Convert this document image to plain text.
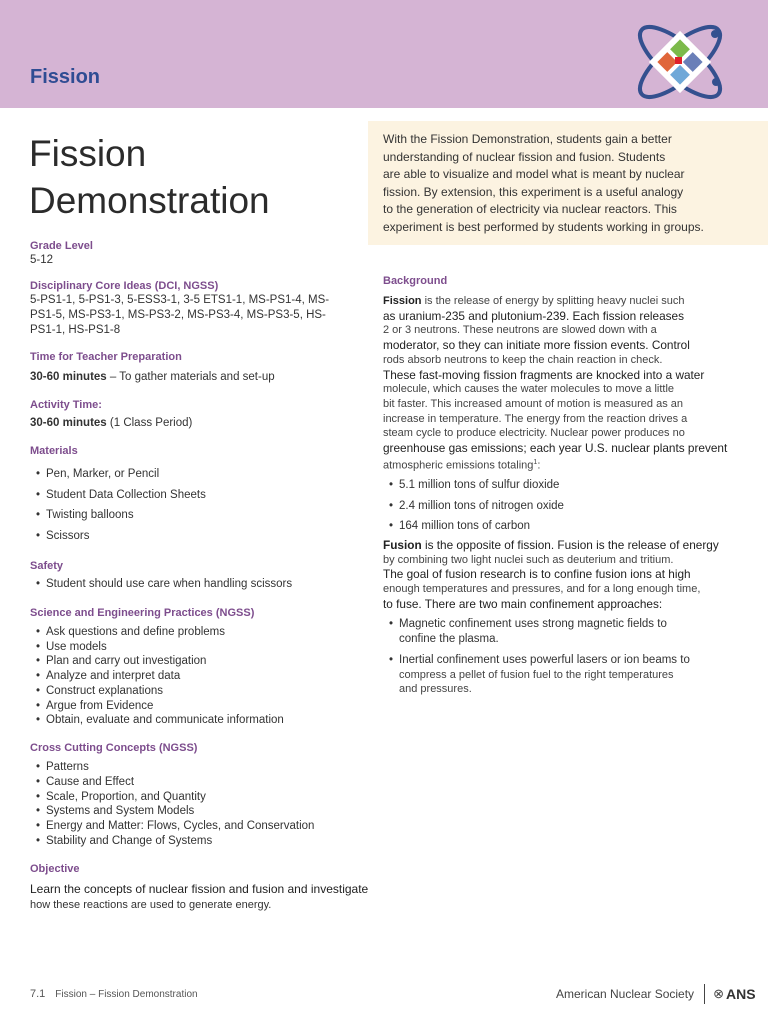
Fission
Fission
Demonstration
With the Fission Demonstration, students gain a better
understanding of nuclear fission and fusion. Students
are able to visualize and model what is meant by nuclear
fission. By extension, this experiment is a useful analogy
to the generation of electricity via nuclear reactors. This
experiment is best performed by students working in groups.
Grade Level
5-12
Disciplinary Core Ideas (DCI, NGSS)
5-PS1-1, 5-PS1-3, 5-ESS3-1, 3-5 ETS1-1, MS-PS1-4, MS-
PS1-5, MS-PS3-1, MS-PS3-2, MS-PS3-4, MS-PS3-5, HS-
PS1-1, HS-PS1-8
Time for Teacher Preparation
30-60 minutes – To gather materials and set-up
Activity Time:
30-60 minutes (1 Class Period)
Materials
• Pen, Marker, or Pencil
• Student Data Collection Sheets
• Twisting balloons
• Scissors
Safety
• Student should use care when handling scissors
Science and Engineering Practices (NGSS)
• Ask questions and define problems
• Use models
• Plan and carry out investigation
• Analyze and interpret data
• Construct explanations
• Argue from Evidence
• Obtain, evaluate and communicate information
Cross Cutting Concepts (NGSS)
• Patterns
• Cause and Effect
• Scale, Proportion, and Quantity
• Systems and System Models
• Energy and Matter: Flows, Cycles, and Conservation
• Stability and Change of Systems
Objective
Learn the concepts of nuclear fission and fusion and investigate
how these reactions are used to generate energy.
Background
Fission is the release of energy by splitting heavy nuclei such
as uranium-235 and plutonium-239. Each fission releases
2 or 3 neutrons. These neutrons are slowed down with a
moderator, so they can initiate more fission events. Control
rods absorb neutrons to keep the chain reaction in check.
These fast-moving fission fragments are knocked into a water
molecule, which causes the water molecules to move a little
bit faster. This increased amount of motion is measured as an
increase in temperature. The energy from the reaction drives a
steam cycle to produce electricity. Nuclear power produces no
greenhouse gas emissions; each year U.S. nuclear plants prevent
atmospheric emissions totaling$^1$:
• 5.1 million tons of sulfur dioxide
• 2.4 million tons of nitrogen oxide
• 164 million tons of carbon
Fusion is the opposite of fission. Fusion is the release of energy
by combining two light nuclei such as deuterium and tritium.
The goal of fusion research is to confine fusion ions at high
enough temperatures and pressures, and for a long enough time,
to fuse. There are two main confinement approaches:
• Magnetic confinement uses strong magnetic fields to
confine the plasma.
• Inertial confinement uses powerful lasers or ion beams to
compress a pellet of fusion fuel to the right temperatures
and pressures.
7.1 Fission – Fission Demonstration	American Nuclear Society ⊗ ANS
